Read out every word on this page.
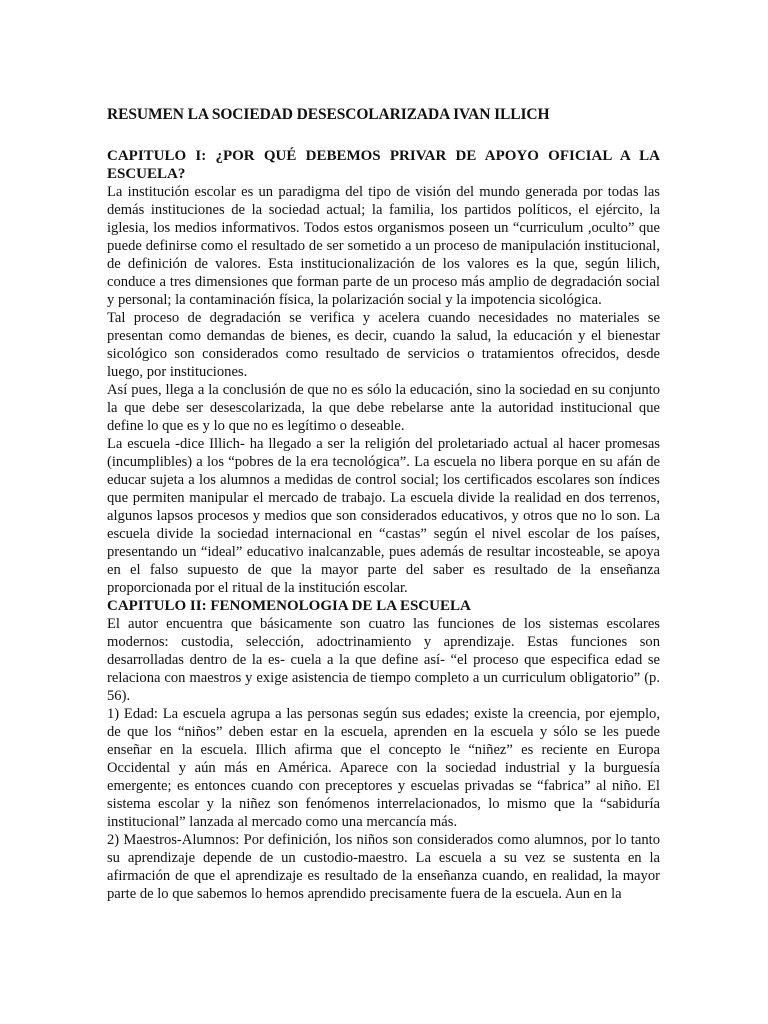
RESUMEN LA SOCIEDAD DESESCOLARIZADA IVAN ILLICH
CAPITULO I: ¿POR QUÉ DEBEMOS PRIVAR DE APOYO OFICIAL A LA ESCUELA?

La institución escolar es un paradigma del tipo de visión del mundo generada por todas las demás instituciones de la sociedad actual; la familia, los partidos políticos, el ejército, la iglesia, los medios informativos. Todos estos organismos poseen un “curriculum ,oculto” que puede definirse como el resultado de ser sometido a un proceso de manipulación institucional, de definición de valores. Esta institucionalización de los valores es la que, según lilich, conduce a tres dimensiones que forman parte de un proceso más amplio de degradación social y personal; la contaminación física, la polarización social y la impotencia sicológica.

Tal proceso de degradación se verifica y acelera cuando necesidades no materiales se presentan como demandas de bienes, es decir, cuando la salud, la educación y el bienestar sicológico son considerados como resultado de servicios o tratamientos ofrecidos, desde luego, por instituciones.

Así pues, llega a la conclusión de que no es sólo la educación, sino la sociedad en su conjunto la que debe ser desescolarizada, la que debe rebelarse ante la autoridad institucional que define lo que es y lo que no es legítimo o deseable.

La escuela -dice Illich- ha llegado a ser la religión del proletariado actual al hacer promesas (incumplibles) a los “pobres de la era tecnológica”. La escuela no libera porque en su afán de educar sujeta a los alumnos a medidas de control social; los certificados escolares son índices que permiten manipular el mercado de trabajo. La escuela divide la realidad en dos terrenos, algunos lapsos procesos y medios que son considerados educativos, y otros que no lo son. La escuela divide la sociedad internacional en “castas” según el nivel escolar de los países, presentando un “ideal” educativo inalcanzable, pues además de resultar incosteable, se apoya en el falso supuesto de que la mayor parte del saber es resultado de la enseñanza proporcionada por el ritual de la institución escolar.

CAPITULO II: FENOMENOLOGIA DE LA ESCUELA

El autor encuentra que básicamente son cuatro las funciones de los sistemas escolares modernos: custodia, selección, adoctrinamiento y aprendizaje. Estas funciones son desarrolladas dentro de la es- cuela a la que define así- “el proceso que especifica edad se relaciona con maestros y exige asistencia de tiempo completo a un curriculum obligatorio” (p. 56).

1) Edad: La escuela agrupa a las personas según sus edades; existe la creencia, por ejemplo, de que los “niños” deben estar en la escuela, aprenden en la escuela y sólo se les puede enseñar en la escuela. Illich afirma que el concepto le “niñez” es reciente en Europa Occidental y aún más en América. Aparece con la sociedad industrial y la burguesía emergente; es entonces cuando con preceptores y escuelas privadas se “fabrica” al niño. El sistema escolar y la niñez son fenómenos interrelacionados, lo mismo que la “sabiduría institucional” lanzada al mercado como una mercancía más.

2) Maestros-Alumnos: Por definición, los niños son considerados como alumnos, por lo tanto su aprendizaje depende de un custodio-maestro. La escuela a su vez se sustenta en la afirmación de que el aprendizaje es resultado de la enseñanza cuando, en realidad, la mayor parte de lo que sabemos lo hemos aprendido precisamente fuera de la escuela. Aun en la
